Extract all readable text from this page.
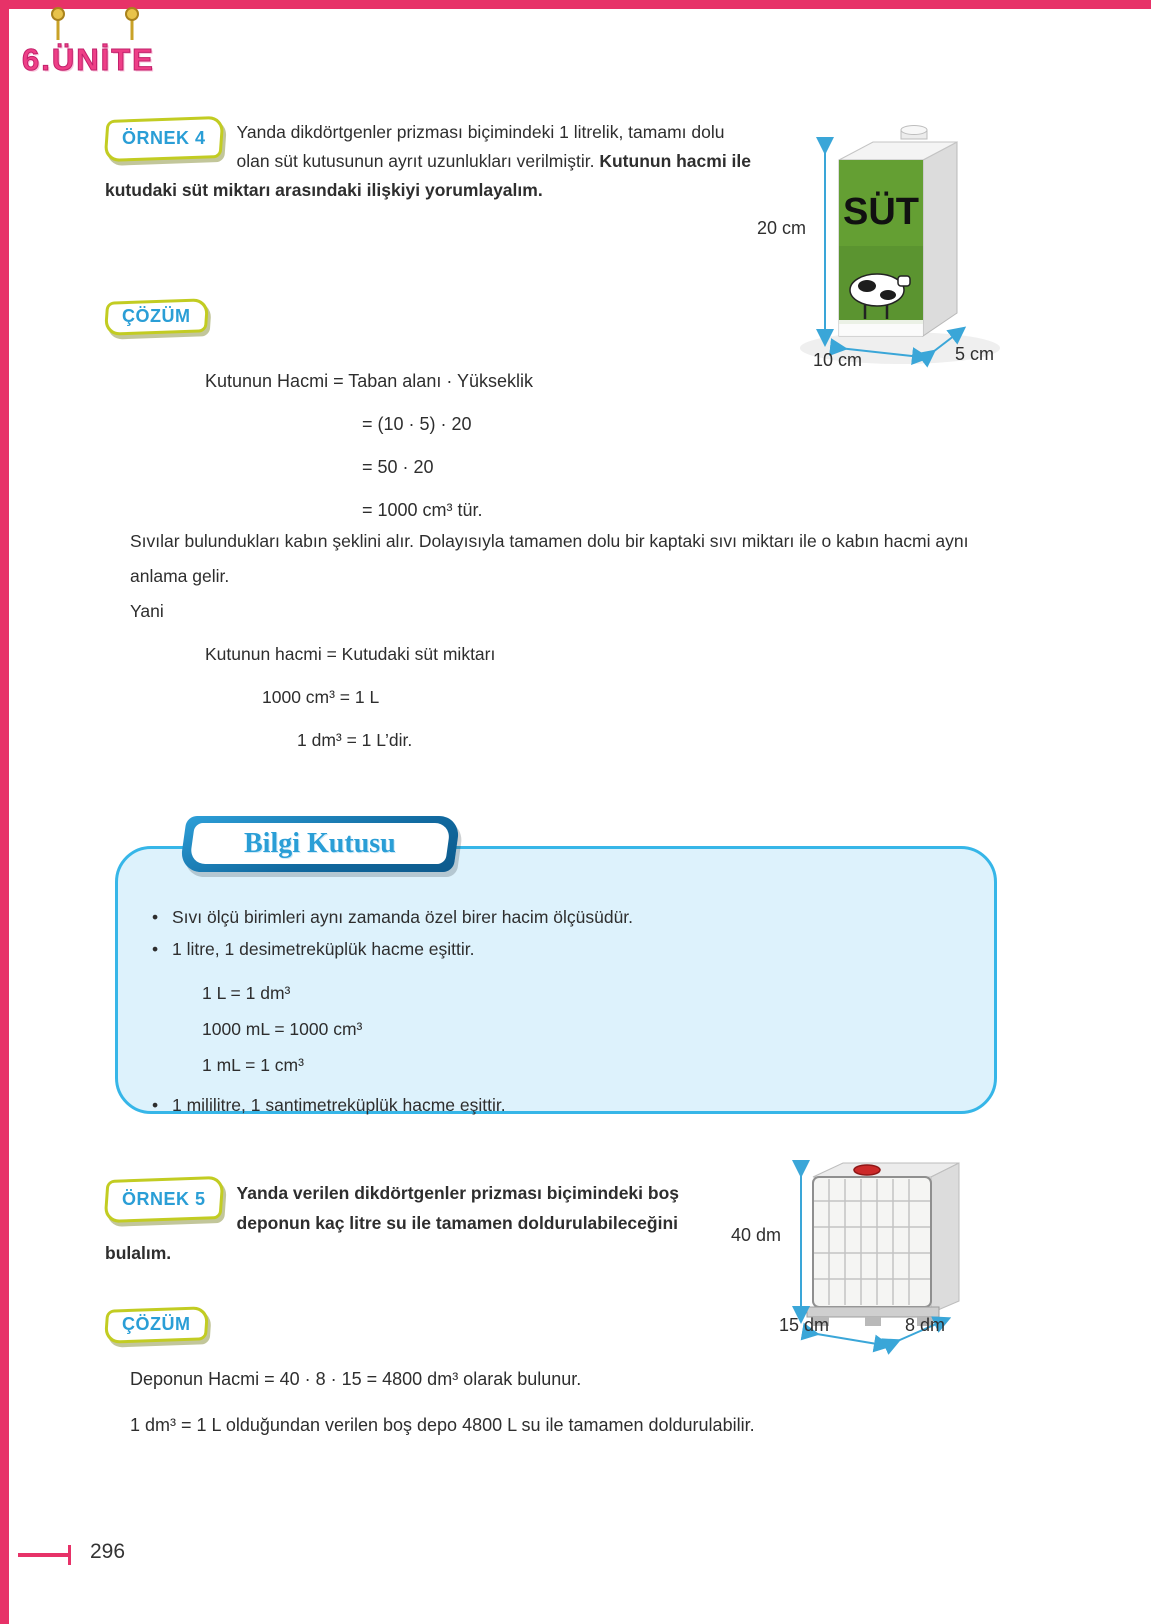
6.ÜNİTE
ÖRNEK 4	Yanda dikdörtgenler prizması biçimindeki 1 litrelik, tamamı dolu olan süt kutusunun ayrıt uzunlukları verilmiştir. Kutunun hacmi ile kutudaki süt miktarı arasındaki ilişkiyi yorumlayalım.
SÜT
20 cm
10 cm	5 cm
ÇÖZÜM
Kutunun Hacmi = Taban alanı · Yükseklik
= (10 · 5) · 20
= 50 · 20
= 1000 cm³ tür.
Sıvılar bulundukları kabın şeklini alır. Dolayısıyla tamamen dolu bir kaptaki sıvı miktarı ile o kabın hacmi aynı anlama gelir.
Yani
Kutunun hacmi = Kutudaki süt miktarı
1000 cm³ = 1 L
1 dm³ = 1 L’dir.
Bilgi Kutusu
• Sıvı ölçü birimleri aynı zamanda özel birer hacim ölçüsüdür.
• 1 litre, 1 desimetreküplük hacme eşittir.
1 L = 1 dm³
1000 mL = 1000 cm³
1 mL = 1 cm³
• 1 mililitre, 1 santimetreküplük hacme eşittir.
ÖRNEK 5	Yanda verilen dikdörtgenler prizması biçimindeki boş deponun kaç litre su ile tamamen doldurulabileceğini bulalım.
40 dm
15 dm	8 dm
ÇÖZÜM
Deponun Hacmi = 40 · 8 · 15 = 4800 dm³ olarak bulunur.
1 dm³ = 1 L olduğundan verilen boş depo 4800 L su ile tamamen doldurulabilir.
296
